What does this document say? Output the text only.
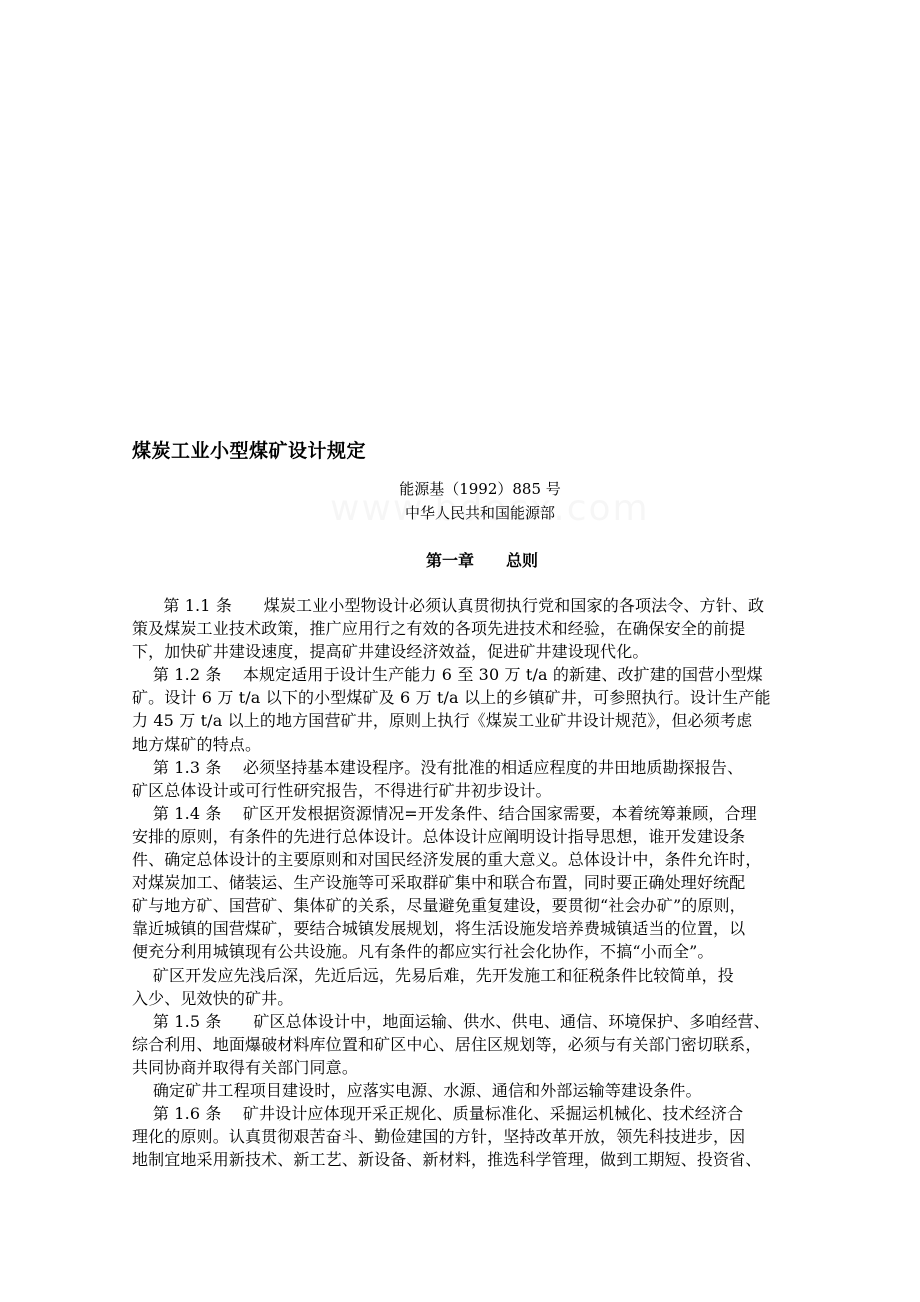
煤炭工业小型煤矿设计规定
能源基（1992）885 号
中华人民共和国能源部
第一章　　总则
第 1.1 条　   煤炭工业小型物设计必须认真贯彻执行党和国家的各项法令、方针、政
策及煤炭工业技术政策，推广应用行之有效的各项先进技术和经验，在确保安全的前提
下，加快矿井建设速度，提高矿井建设经济效益，促进矿井建设现代化。
第 1.2 条　 本规定适用于设计生产能力 6 至 30 万 t/a 的新建、改扩建的国营小型煤
矿。设计 6 万 t/a 以下的小型煤矿及 6 万 t/a 以上的乡镇矿井，可参照执行。设计生产能
力 45 万 t/a 以上的地方国营矿井，原则上执行《煤炭工业矿井设计规范》，但必须考虑
地方煤矿的特点。
第 1.3 条　 必须坚持基本建设程序。没有批准的相适应程度的井田地质勘探报告、
矿区总体设计或可行性研究报告，不得进行矿井初步设计。
第 1.4 条　 矿区开发根据资源情况=开发条件、结合国家需要，本着统筹兼顾，合理
安排的原则，有条件的先进行总体设计。总体设计应阐明设计指导思想，谁开发建设条
件、确定总体设计的主要原则和对国民经济发展的重大意义。总体设计中，条件允许时，
对煤炭加工、储装运、生产设施等可采取群矿集中和联合布置，同时要正确处理好统配
矿与地方矿、国营矿、集体矿的关系，尽量避免重复建设，要贯彻“社会办矿”的原则，
靠近城镇的国营煤矿，要结合城镇发展规划，将生活设施发培养费城镇适当的位置，以
便充分利用城镇现有公共设施。凡有条件的都应实行社会化协作，不搞“小而全”。
矿区开发应先浅后深，先近后远，先易后难，先开发施工和征税条件比较简单，投
入少、见效快的矿井。
第 1.5 条　   矿区总体设计中，地面运输、供水、供电、通信、环境保护、多咱经营、
综合利用、地面爆破材料库位置和矿区中心、居住区规划等，必须与有关部门密切联系，
共同协商并取得有关部门同意。
确定矿井工程项目建设时，应落实电源、水源、通信和外部运输等建设条件。
第 1.6 条　 矿井设计应体现开采正规化、质量标准化、采掘运机械化、技术经济合
理化的原则。认真贯彻艰苦奋斗、勤俭建国的方针，坚持改革开放，领先科技进步，因
地制宜地采用新技术、新工艺、新设备、新材料，推选科学管理，做到工期短、投资省、
